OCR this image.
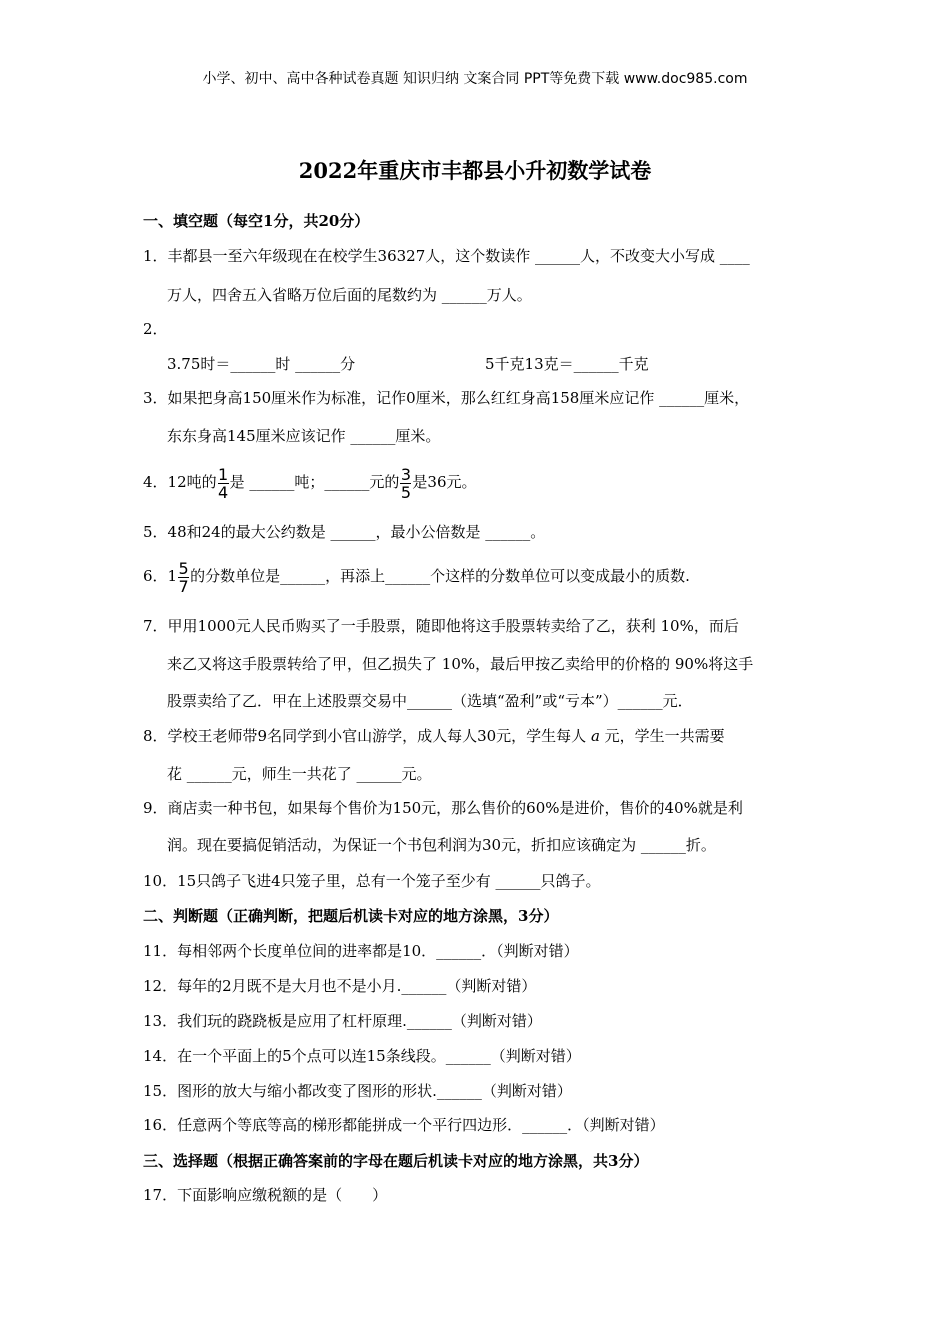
小学、初中、高中各种试卷真题 知识归纳 文案合同 PPT等免费下载 www.doc985.com
2022年重庆市丰都县小升初数学试卷
一、填空题（每空1分，共20分）
1．丰都县一至六年级现在在校学生36327人，这个数读作 ______人，不改变大小写成 ____
万人，四舍五入省略万位后面的尾数约为 ______万人。
2．
3.75时＝______时 ______分	5千克13克＝______千克
3．如果把身高150厘米作为标准，记作0厘米，那么红红身高158厘米应记作 ______厘米，
东东身高145厘米应该记作 ______厘米。
4．12吨的 $\frac{1}{4}$ 是 ______吨；______元的 $\frac{3}{5}$ 是36元。
5．48和24的最大公约数是 ______，最小公倍数是 ______。
6．$1 \frac{5}{7}$ 的分数单位是______，再添上______个这样的分数单位可以变成最小的质数.
7．甲用1000元人民币购买了一手股票，随即他将这手股票转卖给了乙，获利 10%，而后
来乙又将这手股票转给了甲，但乙损失了 10%，最后甲按乙卖给甲的价格的 90%将这手
股票卖给了乙．甲在上述股票交易中______（选填“盈利”或“亏本”）______元．
8．学校王老师带9名同学到小官山游学，成人每人30元，学生每人 a 元，学生一共需要
花 ______元，师生一共花了 ______元。
9．商店卖一种书包，如果每个售价为150元，那么售价的60%是进价，售价的40%就是利
润。现在要搞促销活动，为保证一个书包利润为30元，折扣应该确定为 ______折。
10．15只鸽子飞进4只笼子里，总有一个笼子至少有 ______只鸽子。
二、判断题（正确判断，把题后机读卡对应的地方涂黑，3分）
11．每相邻两个长度单位间的进率都是10．______．（判断对错）
12．每年的2月既不是大月也不是小月.______（判断对错）
13．我们玩的跷跷板是应用了杠杆原理.______（判断对错）
14．在一个平面上的5个点可以连15条线段。______（判断对错）
15．图形的放大与缩小都改变了图形的形状.______（判断对错）
16．任意两个等底等高的梯形都能拼成一个平行四边形．______．（判断对错）
三、选择题（根据正确答案前的字母在题后机读卡对应的地方涂黑，共3分）
17．下面影响应缴税额的是（　　）
